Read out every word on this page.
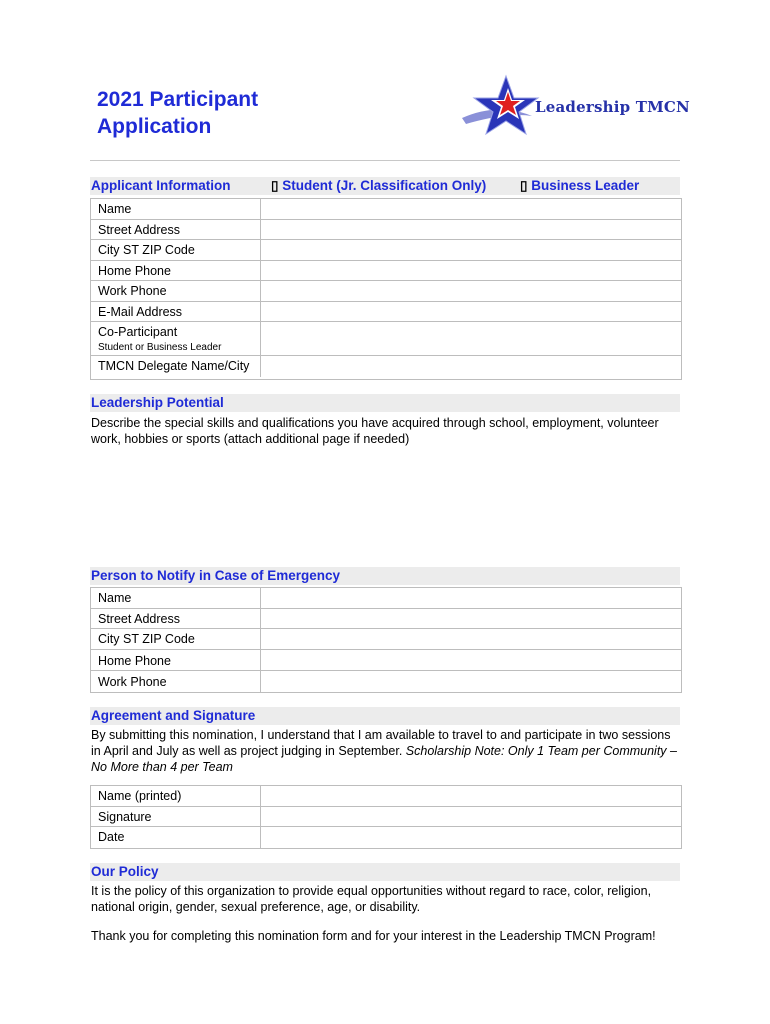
2021 Participant
Application
Leadership TMCN
Applicant Information	▯ Student (Jr. Classification Only)	▯ Business Leader
Name
Street Address
City ST ZIP Code
Home Phone
Work Phone
E-Mail Address
Co-Participant
Student or Business Leader
TMCN Delegate Name/City
Leadership Potential
Describe the special skills and qualifications you have acquired through school, employment, volunteer work, hobbies or sports (attach additional page if needed)
Person to Notify in Case of Emergency
Name
Street Address
City ST ZIP Code
Home Phone
Work Phone
Agreement and Signature
By submitting this nomination, I understand that I am available to travel to and participate in two sessions in April and July as well as project judging in September. Scholarship Note: Only 1 Team per Community – No More than 4 per Team
Name (printed)
Signature
Date
Our Policy
It is the policy of this organization to provide equal opportunities without regard to race, color, religion, national origin, gender, sexual preference, age, or disability.
Thank you for completing this nomination form and for your interest in the Leadership TMCN Program!
